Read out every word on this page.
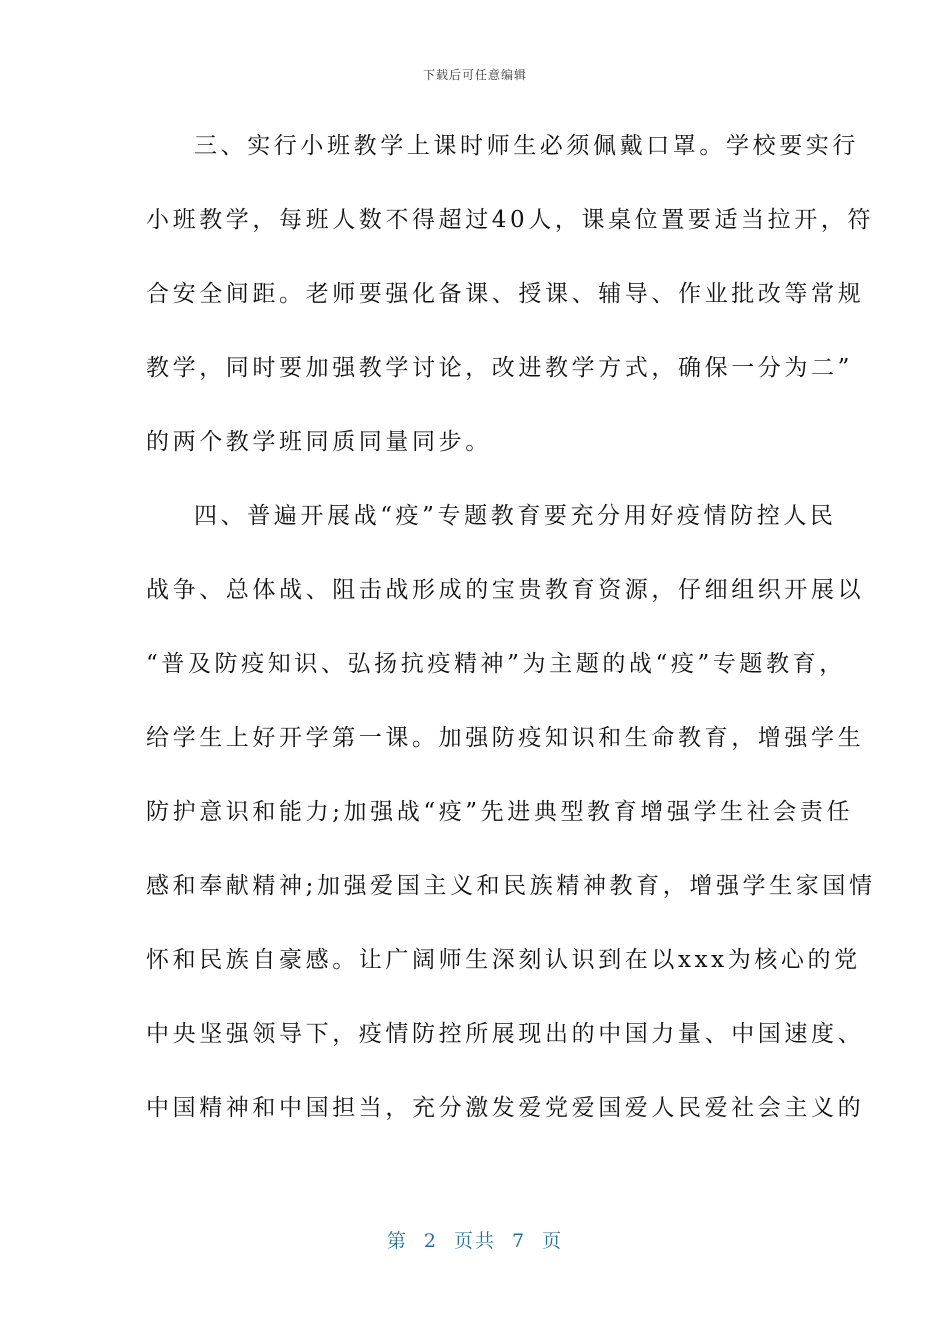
下载后可任意编辑
三、实行小班教学上课时师生必须佩戴口罩。学校要实行
小班教学，每班人数不得超过40人，课桌位置要适当拉开，符
合安全间距。老师要强化备课、授课、辅导、作业批改等常规
教学，同时要加强教学讨论，改进教学方式，确保一分为二”
的两个教学班同质同量同步。
四、普遍开展战“疫”专题教育要充分用好疫情防控人民
战争、总体战、阻击战形成的宝贵教育资源，仔细组织开展以
“普及防疫知识、弘扬抗疫精神”为主题的战“疫”专题教育，
给学生上好开学第一课。加强防疫知识和生命教育，增强学生
防护意识和能力;加强战“疫”先进典型教育增强学生社会责任
感和奉献精神;加强爱国主义和民族精神教育，增强学生家国情
怀和民族自豪感。让广阔师生深刻认识到在以xxx为核心的党
中央坚强领导下，疫情防控所展现出的中国力量、中国速度、
中国精神和中国担当，充分激发爱党爱国爱人民爱社会主义的
第 2 页共 7 页
